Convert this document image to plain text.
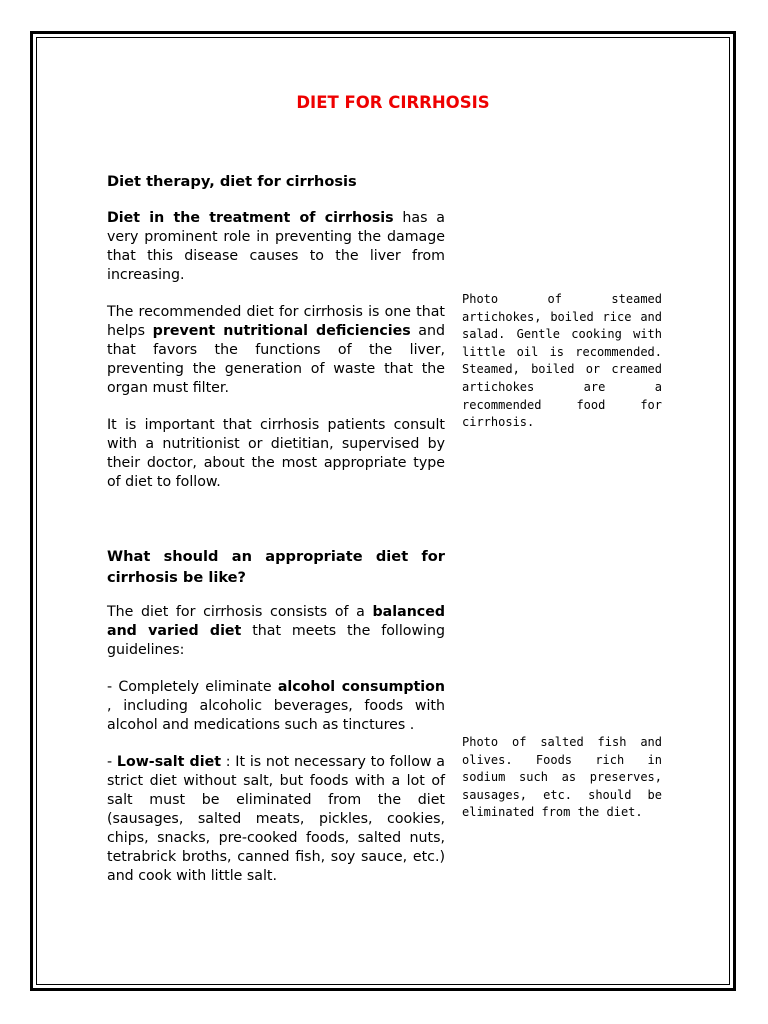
DIET FOR CIRRHOSIS

Diet therapy, diet for cirrhosis

Diet in the treatment of cirrhosis has a very prominent role in preventing the damage that this disease causes to the liver from increasing.

The recommended diet for cirrhosis is one that helps prevent nutritional deficiencies and that favors the functions of the liver, preventing the generation of waste that the organ must filter.

It is important that cirrhosis patients consult with a nutritionist or dietitian, supervised by their doctor, about the most appropriate type of diet to follow.

What should an appropriate diet for cirrhosis be like?

The diet for cirrhosis consists of a balanced and varied diet that meets the following guidelines:

- Completely eliminate alcohol consumption , including alcoholic beverages, foods with alcohol and medications such as tinctures .

- Low-salt diet : It is not necessary to follow a strict diet without salt, but foods with a lot of salt must be eliminated from the diet (sausages, salted meats, pickles, cookies, chips, snacks, pre-cooked foods, salted nuts, tetrabrick broths, canned fish, soy sauce, etc.) and cook with little salt.

Photo of steamed artichokes, boiled rice and salad. Gentle cooking with little oil is recommended. Steamed, boiled or creamed artichokes are a recommended food for cirrhosis.

Photo of salted fish and olives. Foods rich in sodium such as preserves, sausages, etc. should be eliminated from the diet.
